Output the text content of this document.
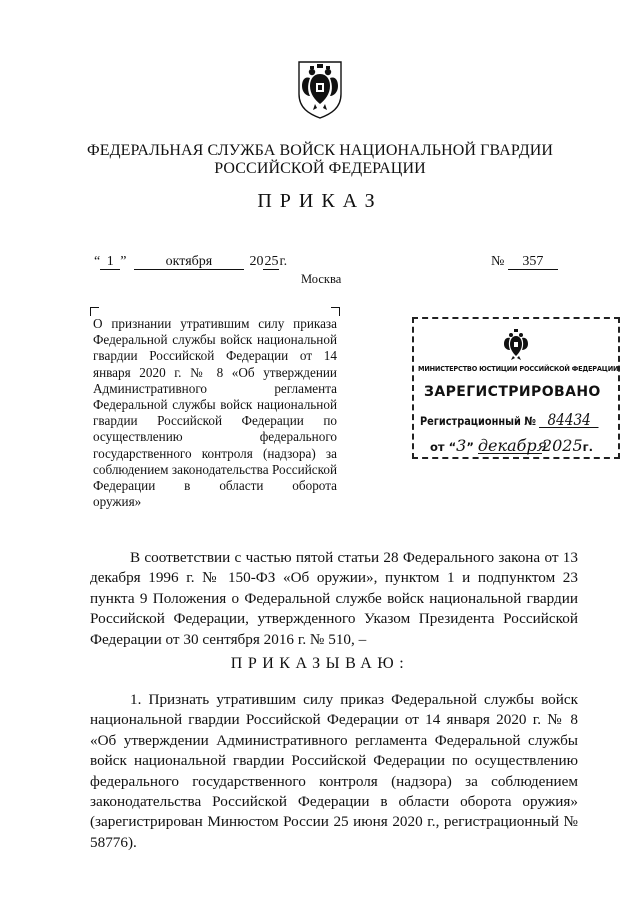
ФЕДЕРАЛЬНАЯ СЛУЖБА ВОЙСК НАЦИОНАЛЬНОЙ ГВАРДИИ
РОССИЙСКОЙ ФЕДЕРАЦИИ
ПРИКАЗ
“ 1 ”	октября	2025г.	№ 357
Москва
О признании утратившим силу приказа Федеральной службы войск национальной гвардии Российской Федерации от 14 января 2020 г. № 8 «Об утверждении Административного регламента Федеральной службы войск национальной гвардии Российской Федерации по осуществлению федерального государственного контроля (надзора) за соблюдением законодательства Российской Федерации в области оборота
оружия»
МИНИСТЕРСТВО ЮСТИЦИИ РОССИЙСКОЙ ФЕДЕРАЦИИ
ЗАРЕГИСТРИРОВАНО
Регистрационный № 84434
от “3” декабря2025г.
В соответствии с частью пятой статьи 28 Федерального закона от 13 декабря 1996 г. № 150-ФЗ «Об оружии», пунктом 1 и подпунктом 23 пункта 9 Положения о Федеральной службе войск национальной гвардии Российской Федерации, утвержденного Указом Президента Российской Федерации от 30 сентября 2016 г. № 510, –
ПРИКАЗЫВАЮ:
1. Признать утратившим силу приказ Федеральной службы войск национальной гвардии Российской Федерации от 14 января 2020 г. № 8 «Об утверждении Административного регламента Федеральной службы войск национальной гвардии Российской Федерации по осуществлению федерального государственного контроля (надзора) за соблюдением законодательства Российской Федерации в области оборота оружия» (зарегистрирован Минюстом России 25 июня 2020 г., регистрационный № 58776).
